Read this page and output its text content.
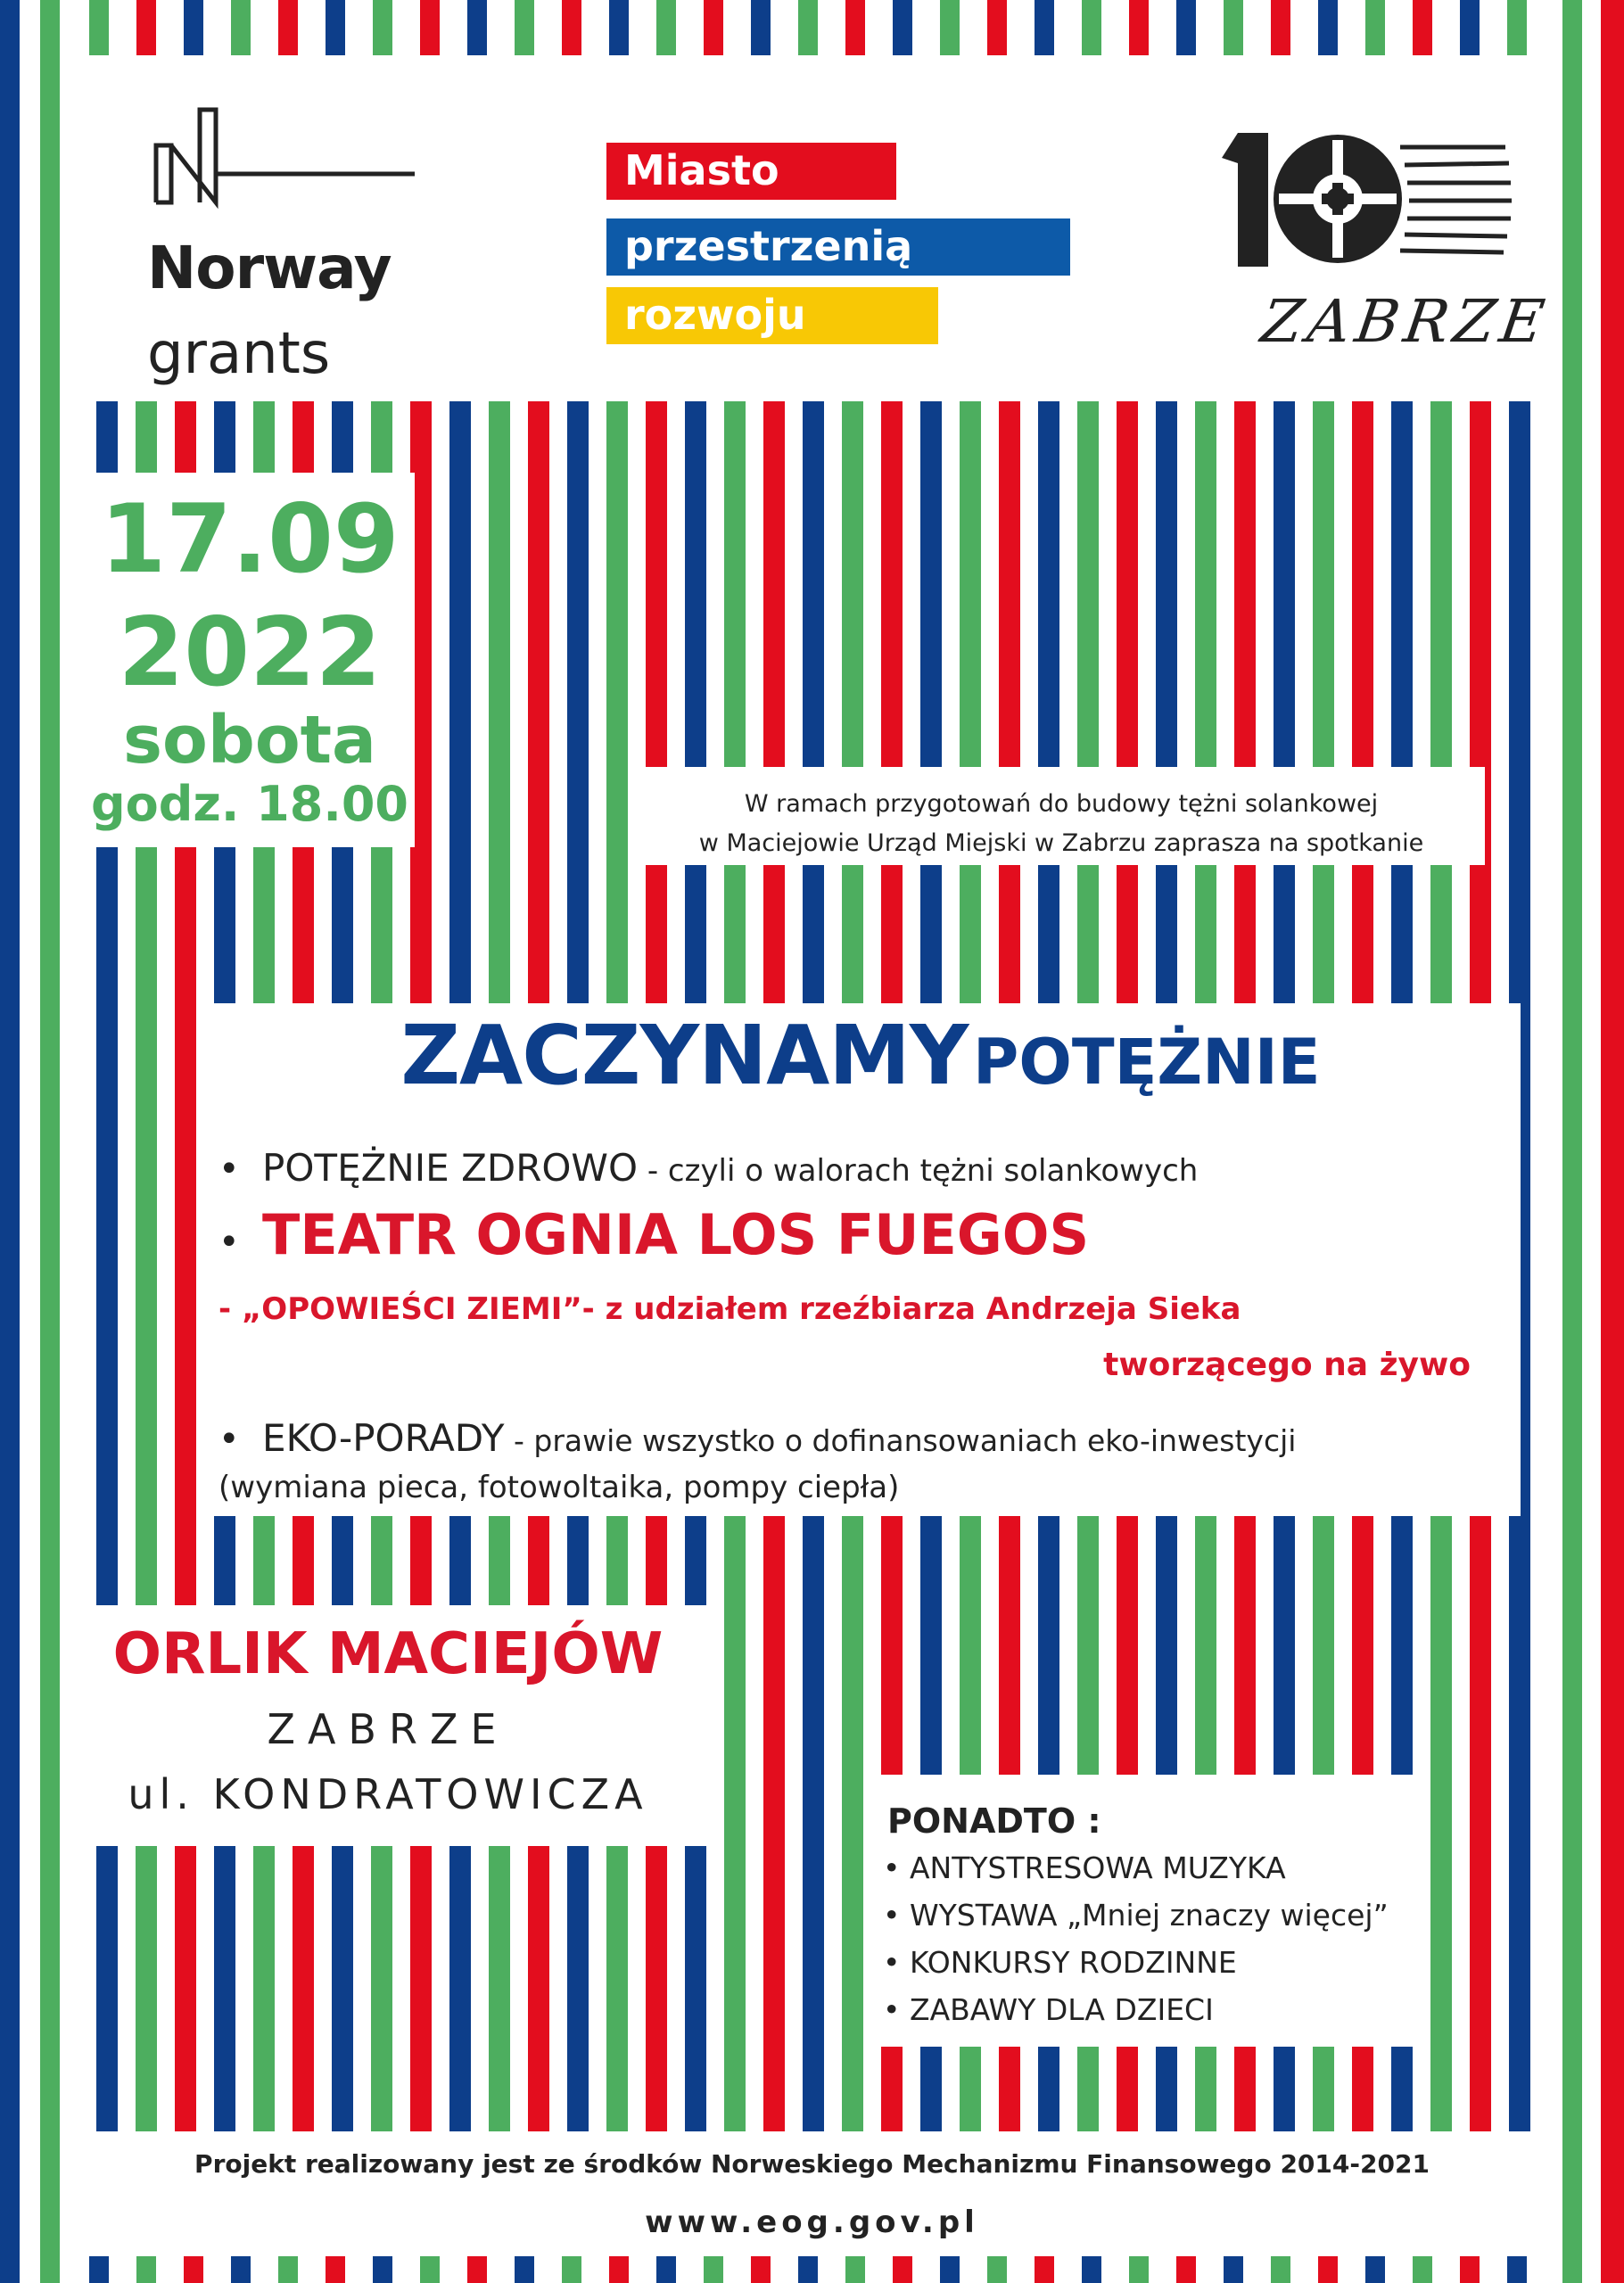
Norway
grants
Miasto
przestrzenią
rozwoju	ZABRZE
17.09
2022
sobota
godz. 18.00	W ramach przygotowań do budowy tężni solankowej
w Maciejowie Urząd Miejski w Zabrzu zaprasza na spotkanie
ZACZYNAMY POTĘŻNIE
•  POTĘŻNIE ZDROWO - czyli o walorach tężni solankowych
•  TEATR OGNIA LOS FUEGOS
- „OPOWIEŚCI ZIEMI”- z udziałem rzeźbiarza Andrzeja Sieka
tworzącego na żywo
•  EKO-PORADY - prawie wszystko o dofinansowaniach eko-inwestycji
(wymiana pieca, fotowoltaika, pompy ciepła)
ORLIK MACIEJÓW
ZABRZE
ul. KONDRATOWICZA
PONADTO :
• ANTYSTRESOWA MUZYKA
• WYSTAWA „Mniej znaczy więcej”
• KONKURSY RODZINNE
• ZABAWY DLA DZIECI
Projekt realizowany jest ze środków Norweskiego Mechanizmu Finansowego 2014-2021
www.eog.gov.pl
